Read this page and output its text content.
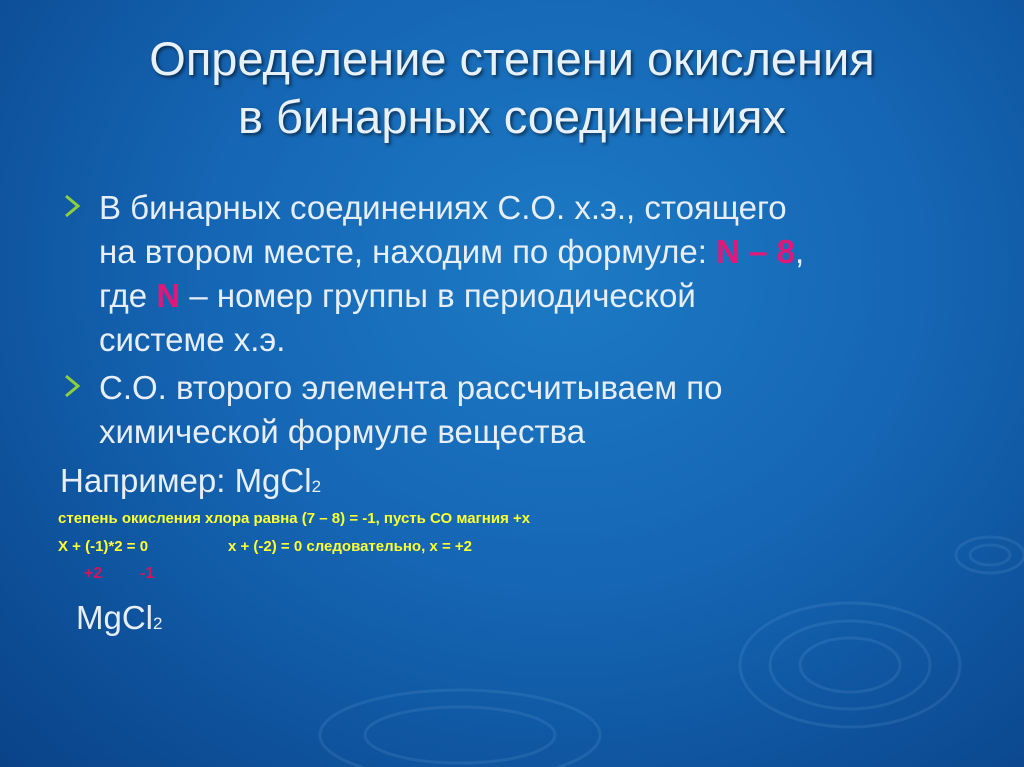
Определение степени окисления
в бинарных соединениях
В бинарных соединениях С.О. х.э., стоящего
на втором месте, находим по формуле: N – 8,
где N – номер группы в периодической
системе х.э.
С.О. второго элемента рассчитываем по
химической формуле вещества
Например: MgCl2
степень окисления хлора равна (7 – 8) = -1, пусть СО магния +х
Х + (-1)*2 = 0	х + (-2) = 0 следовательно, х = +2
+2 -1
MgCl2
